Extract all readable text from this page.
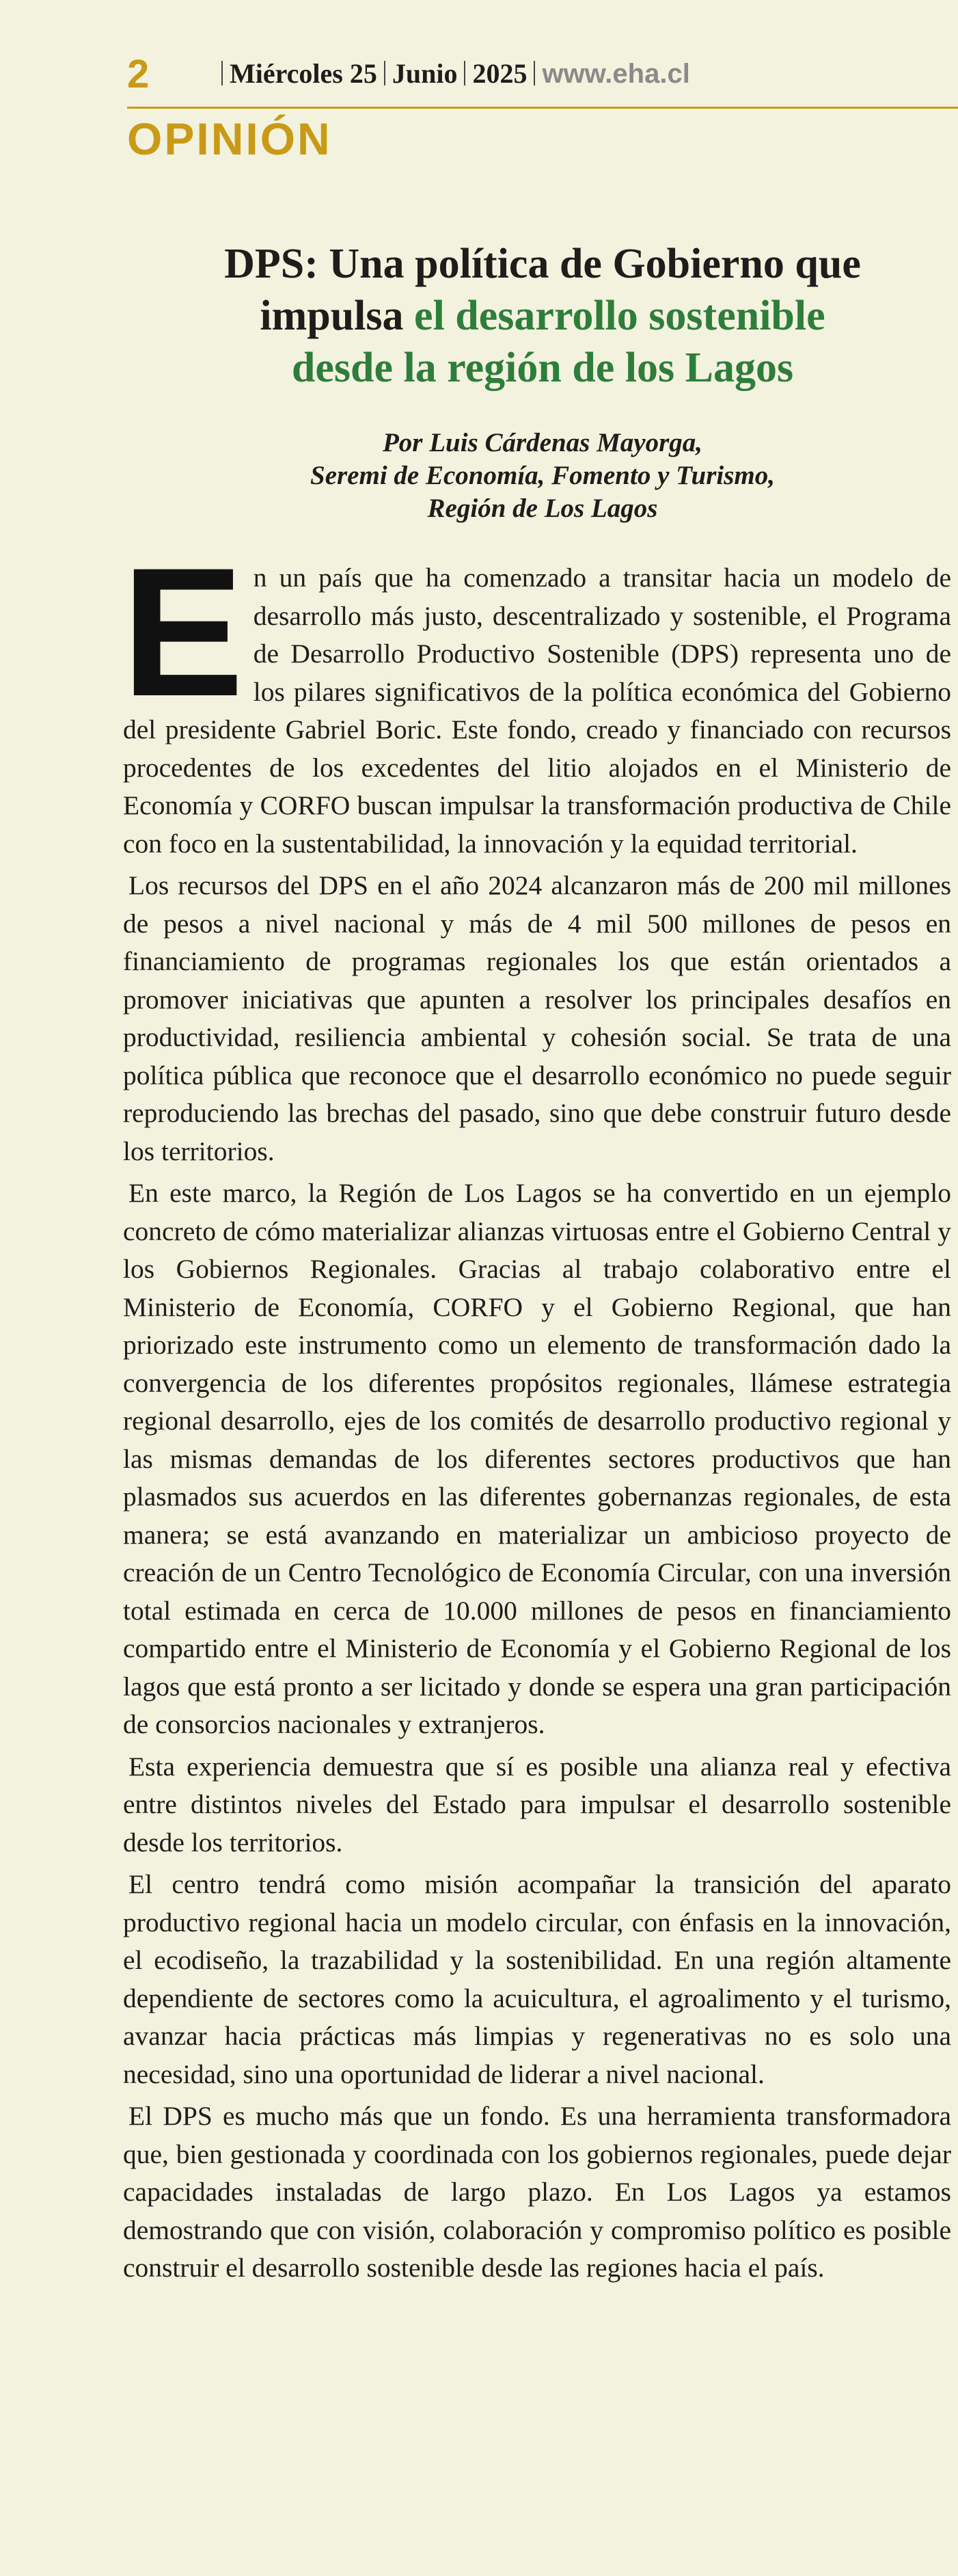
2	Miércoles 25 Junio 2025 www.eha.cl
OPINIÓN
DPS: Una política de Gobierno que
impulsa el desarrollo sostenible
desde la región de los Lagos
Por Luis Cárdenas Mayorga,
Seremi de Economía, Fomento y Turismo,
Región de Los Lagos

En un país que ha comenzado a transitar hacia un modelo de desarrollo más justo, descentralizado y sostenible, el Programa de Desarrollo Productivo Sostenible (DPS) representa uno de los pilares significativos de la política económica del Gobierno del presidente Gabriel Boric. Este fondo, creado y financiado con recursos procedentes de los excedentes del litio alojados en el Ministerio de Economía y CORFO buscan impulsar la transformación productiva de Chile con foco en la sustentabilidad, la innovación y la equidad territorial.

Los recursos del DPS en el año 2024 alcanzaron más de 200 mil millones de pesos a nivel nacional y más de 4 mil 500 millones de pesos en financiamiento de programas regionales los que están orientados a promover iniciativas que apunten a resolver los principales desafíos en productividad, resiliencia ambiental y cohesión social. Se trata de una política pública que reconoce que el desarrollo económico no puede seguir reproduciendo las brechas del pasado, sino que debe construir futuro desde los territorios.

En este marco, la Región de Los Lagos se ha convertido en un ejemplo concreto de cómo materializar alianzas virtuosas entre el Gobierno Central y los Gobiernos Regionales. Gracias al trabajo colaborativo entre el Ministerio de Economía, CORFO y el Gobierno Regional, que han priorizado este instrumento como un elemento de transformación dado la convergencia de los diferentes propósitos regionales, llámese estrategia regional desarrollo, ejes de los comités de desarrollo productivo regional y las mismas demandas de los diferentes sectores productivos que han plasmados sus acuerdos en las diferentes gobernanzas regionales, de esta manera; se está avanzando en materializar un ambicioso proyecto de creación de un Centro Tecnológico de Economía Circular, con una inversión total estimada en cerca de 10.000 millones de pesos en financiamiento compartido entre el Ministerio de Economía y el Gobierno Regional de los lagos que está pronto a ser licitado y donde se espera una gran participación de consorcios nacionales y extranjeros.

Esta experiencia demuestra que sí es posible una alianza real y efectiva entre distintos niveles del Estado para impulsar el desarrollo sostenible desde los territorios.

El centro tendrá como misión acompañar la transición del aparato productivo regional hacia un modelo circular, con énfasis en la innovación, el ecodiseño, la trazabilidad y la sostenibilidad. En una región altamente dependiente de sectores como la acuicultura, el agroalimento y el turismo, avanzar hacia prácticas más limpias y regenerativas no es solo una necesidad, sino una oportunidad de liderar a nivel nacional.

El DPS es mucho más que un fondo. Es una herramienta transformadora que, bien gestionada y coordinada con los gobiernos regionales, puede dejar capacidades instaladas de largo plazo. En Los Lagos ya estamos demostrando que con visión, colaboración y compromiso político es posible construir el desarrollo sostenible desde las regiones hacia el país.
